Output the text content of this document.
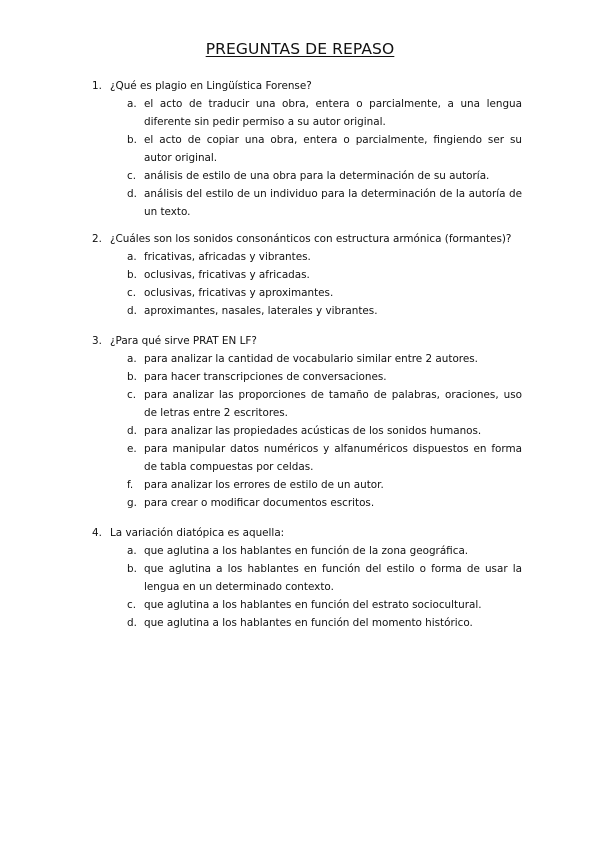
PREGUNTAS DE REPASO
1. ¿Qué es plagio en Lingüística Forense?
a. el acto de traducir una obra, entera o parcialmente, a una lengua diferente sin pedir permiso a su autor original.
b. el acto de copiar una obra, entera o parcialmente, fingiendo ser su autor original.
c. análisis de estilo de una obra para la determinación de su autoría.
d. análisis del estilo de un individuo para la determinación de la autoría de un texto.
2. ¿Cuáles son los sonidos consonánticos con estructura armónica (formantes)?
a. fricativas, africadas y vibrantes.
b. oclusivas, fricativas y africadas.
c. oclusivas, fricativas y aproximantes.
d. aproximantes, nasales, laterales y vibrantes.
3. ¿Para qué sirve PRAT EN LF?
a. para analizar la cantidad de vocabulario similar entre 2 autores.
b. para hacer transcripciones de conversaciones.
c. para analizar las proporciones de tamaño de palabras, oraciones, uso de letras entre 2 escritores.
d. para analizar las propiedades acústicas de los sonidos humanos.
e. para manipular datos numéricos y alfanuméricos dispuestos en forma de tabla compuestas por celdas.
f.	para analizar los errores de estilo de un autor.
g. para crear o modificar documentos escritos.
4. La variación diatópica es aquella:
a. que aglutina a los hablantes en función de la zona geográfica.
b. que aglutina a los hablantes en función del estilo o forma de usar la lengua en un determinado contexto.
c. que aglutina a los hablantes en función del estrato sociocultural.
d. que aglutina a los hablantes en función del momento histórico.
